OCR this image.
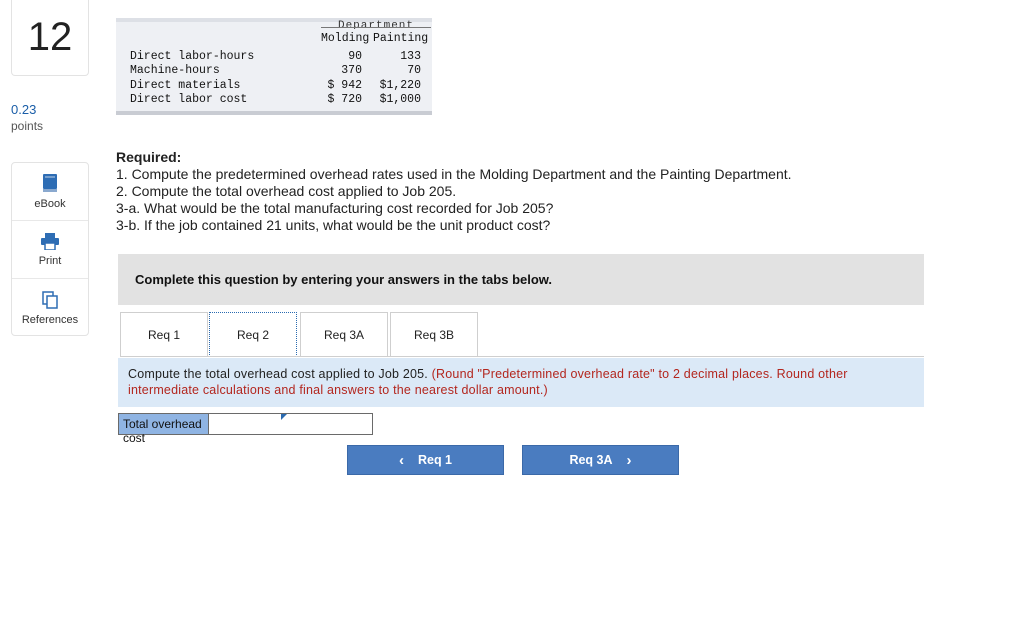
12
0.23
points
eBook
Print
References
Department
Molding Painting
Direct labor-hours	90	133
Machine-hours	370	70
Direct materials	$ 942	$1,220
Direct labor cost	$ 720	$1,000
Required:
1. Compute the predetermined overhead rates used in the Molding Department and the Painting Department.
2. Compute the total overhead cost applied to Job 205.
3-a. What would be the total manufacturing cost recorded for Job 205?
3-b. If the job contained 21 units, what would be the unit product cost?
Complete this question by entering your answers in the tabs below.
Req 1	Req 2	Req 3A	Req 3B
Compute the total overhead cost applied to Job 205. (Round "Predetermined overhead rate" to 2 decimal places. Round other intermediate calculations and final answers to the nearest dollar amount.)
Total overhead cost
‹ Req 1	Req 3A ›
